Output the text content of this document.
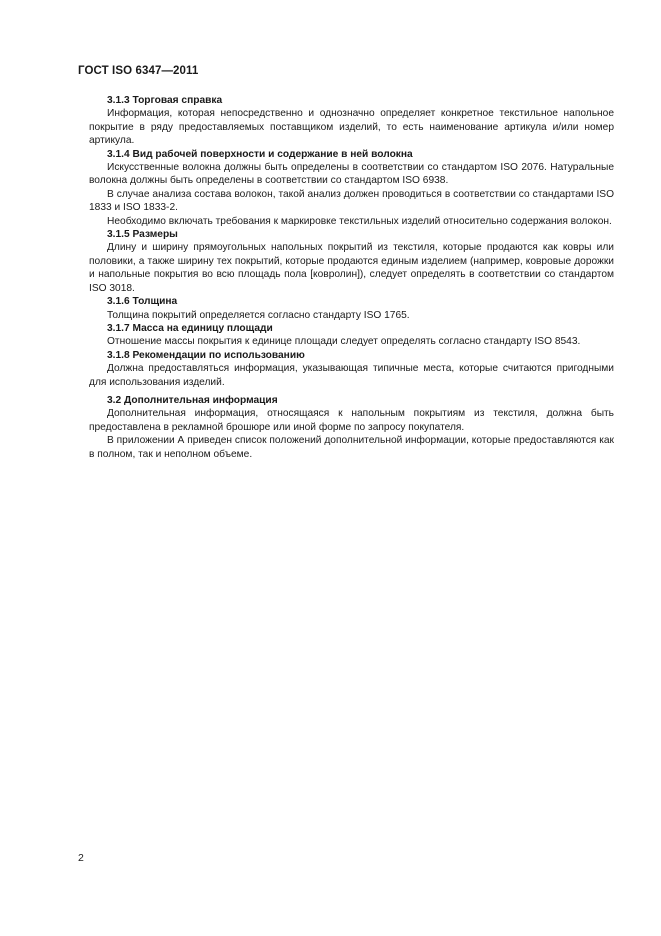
ГОСТ ISO 6347—2011

3.1.3 Торговая справка

Информация, которая непосредственно и однозначно определяет конкретное текстильное напольное покрытие в ряду предоставляемых поставщиком изделий, то есть наименование артикула и/или номер артикула.

3.1.4 Вид рабочей поверхности и содержание в ней волокна

Искусственные волокна должны быть определены в соответствии со стандартом ISO 2076. Натуральные волокна должны быть определены в соответствии со стандартом ISO 6938.

В случае анализа состава волокон, такой анализ должен проводиться в соответствии со стандартами ISO 1833 и ISO 1833-2.

Необходимо включать требования к маркировке текстильных изделий относительно содержания волокон.

3.1.5 Размеры

Длину и ширину прямоугольных напольных покрытий из текстиля, которые продаются как ковры или половики, а также ширину тех покрытий, которые продаются единым изделием (например, ковровые дорожки и напольные покрытия во всю площадь пола [ковролин]), следует определять в соответствии со стандартом ISO 3018.

3.1.6 Толщина

Толщина покрытий определяется согласно стандарту ISO 1765.

3.1.7 Масса на единицу площади

Отношение массы покрытия к единице площади следует определять согласно стандарту ISO 8543.

3.1.8 Рекомендации по использованию

Должна предоставляться информация, указывающая типичные места, которые считаются пригодными для использования изделий.

3.2 Дополнительная информация

Дополнительная информация, относящаяся к напольным покрытиям из текстиля, должна быть предоставлена в рекламной брошюре или иной форме по запросу покупателя.

В приложении А приведен список положений дополнительной информации, которые предоставляются как в полном, так и неполном объеме.

2
